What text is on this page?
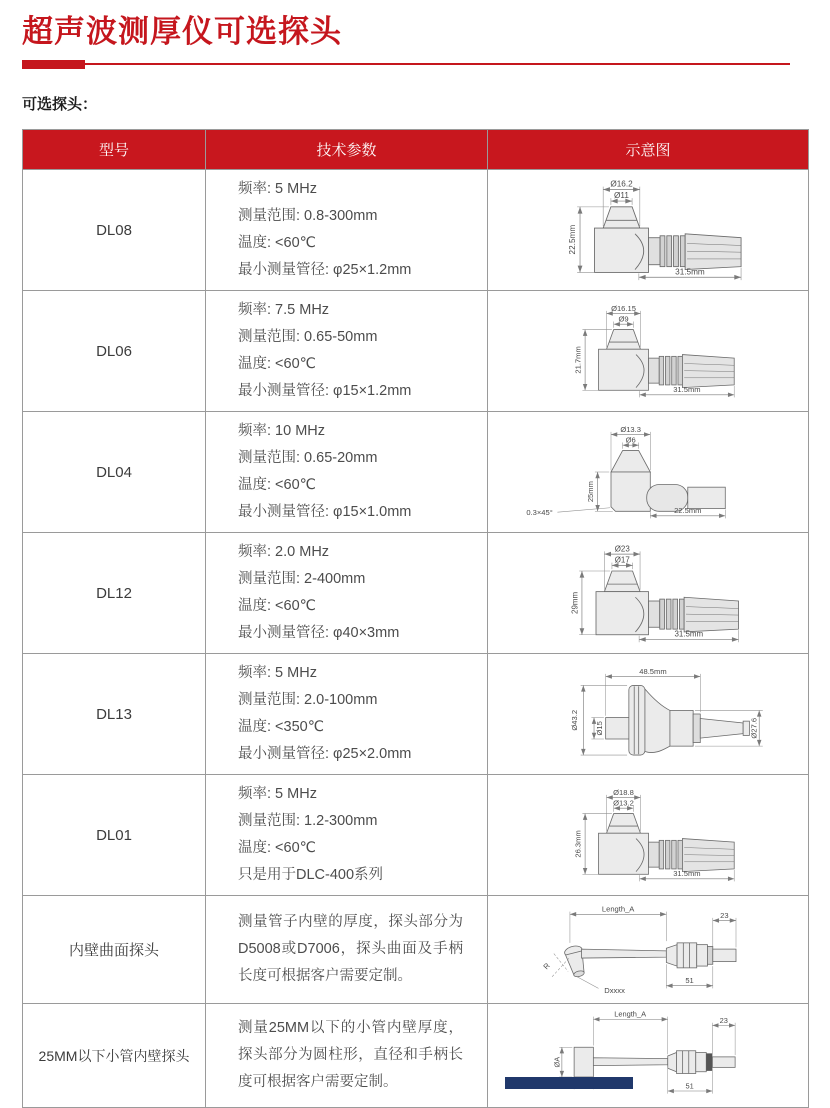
超声波测厚仪可选探头
可选探头：
型号	技术参数	示意图
DL08	
频率: 5 MHz
测量范围: 0.8-300mm
温度: <60℃
最小测量管径: φ25×1.2mm

Ø16.2
Ø11
22.5mm
31.5mm

DL06	
频率: 7.5 MHz
测量范围: 0.65-50mm
温度: <60℃
最小测量管径: φ15×1.2mm

Ø16.15
Ø9
21.7mm
31.5mm

DL04	
频率: 10 MHz
测量范围: 0.65-20mm
温度: <60℃
最小测量管径: φ15×1.0mm

Ø13.3
Ø6
25mm
0.3×45°	22.5mm

DL12	
频率: 2.0 MHz
测量范围: 2-400mm
温度: <60℃
最小测量管径: φ40×3mm

Ø23
Ø17
29mm
31.5mm

DL13	
频率: 5 MHz
测量范围: 2.0-100mm
温度: <350℃
最小测量管径: φ25×2.0mm

48.5mm
Ø43.2 Ø15	Ø27.6

DL01	
频率: 5 MHz
测量范围: 1.2-300mm
温度: <60℃
只是用于DLC-400系列

Ø18.8
Ø13.2
26.3mm
31.5mm

内壁曲面探头	测量管子内壁的厚度，探头部分为D5008或D7006，探头曲面及手柄长度可根据客户需要定制。	Length_A
23
51
R
Dxxxx

25MM以下小管内壁探头	测量25MM以下的小管内壁厚度，探头部分为圆柱形，直径和手柄长度可根据客户需要定制。	Length_A
23
ØA
51
